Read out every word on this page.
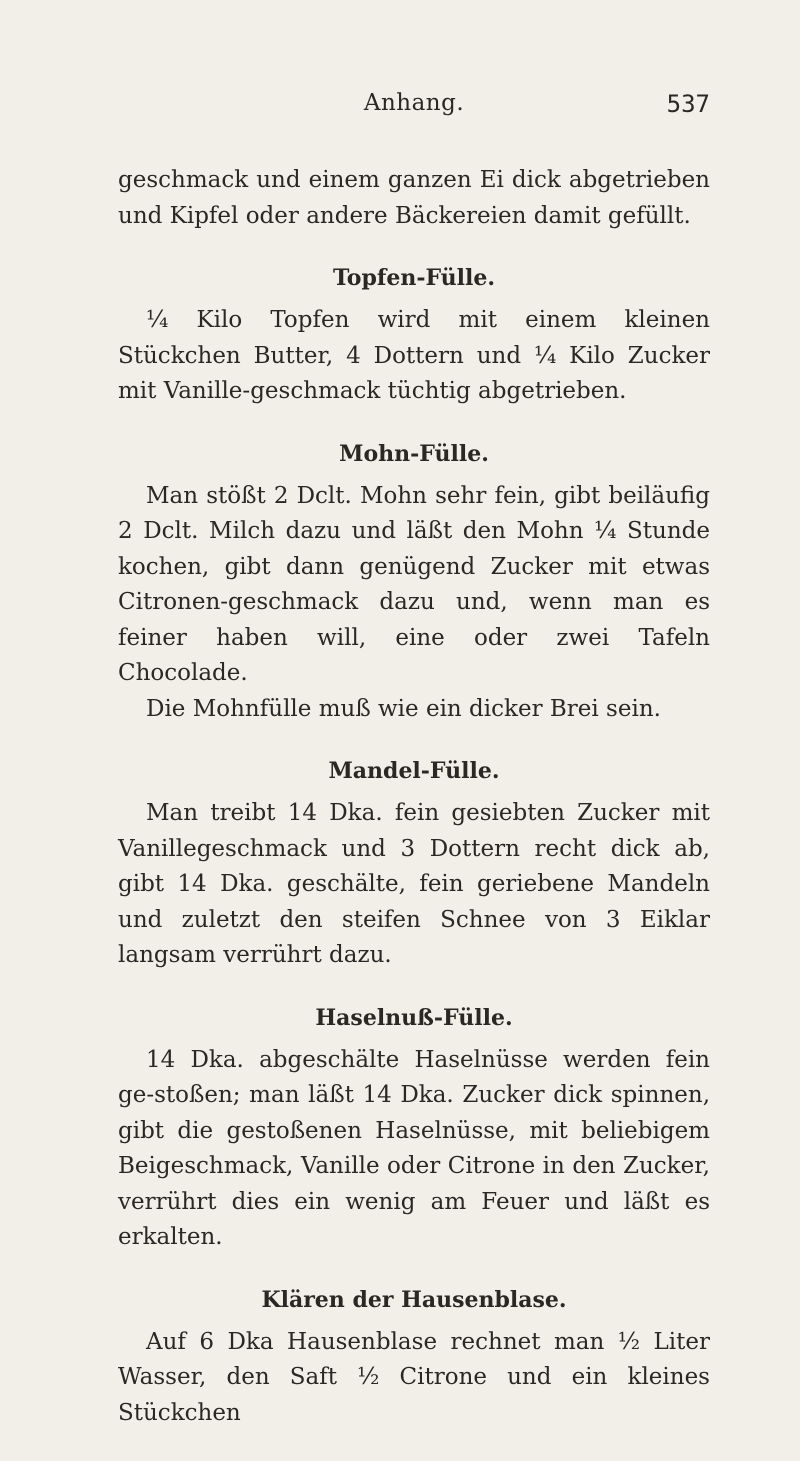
Anhang.	537

geschmack und einem ganzen Ei dick abgetrieben und Kipfel oder andere Bäckereien damit gefüllt.

Topfen-Fülle.

¼ Kilo Topfen wird mit einem kleinen Stückchen Butter, 4 Dottern und ¼ Kilo Zucker mit Vanille-geschmack tüchtig abgetrieben.

Mohn-Fülle.

Man stößt 2 Dclt. Mohn sehr fein, gibt beiläufig 2 Dclt. Milch dazu und läßt den Mohn ¼ Stunde kochen, gibt dann genügend Zucker mit etwas Citronen-geschmack dazu und, wenn man es feiner haben will, eine oder zwei Tafeln Chocolade.

Die Mohnfülle muß wie ein dicker Brei sein.

Mandel-Fülle.

Man treibt 14 Dka. fein gesiebten Zucker mit Vanillegeschmack und 3 Dottern recht dick ab, gibt 14 Dka. geschälte, fein geriebene Mandeln und zuletzt den steifen Schnee von 3 Eiklar langsam verrührt dazu.

Haselnuß-Fülle.

14 Dka. abgeschälte Haselnüsse werden fein ge-stoßen; man läßt 14 Dka. Zucker dick spinnen, gibt die gestoßenen Haselnüsse, mit beliebigem Beigeschmack, Vanille oder Citrone in den Zucker, verrührt dies ein wenig am Feuer und läßt es erkalten.

Klären der Hausenblase.

Auf 6 Dka Hausenblase rechnet man ½ Liter Wasser, den Saft ½ Citrone und ein kleines Stückchen
